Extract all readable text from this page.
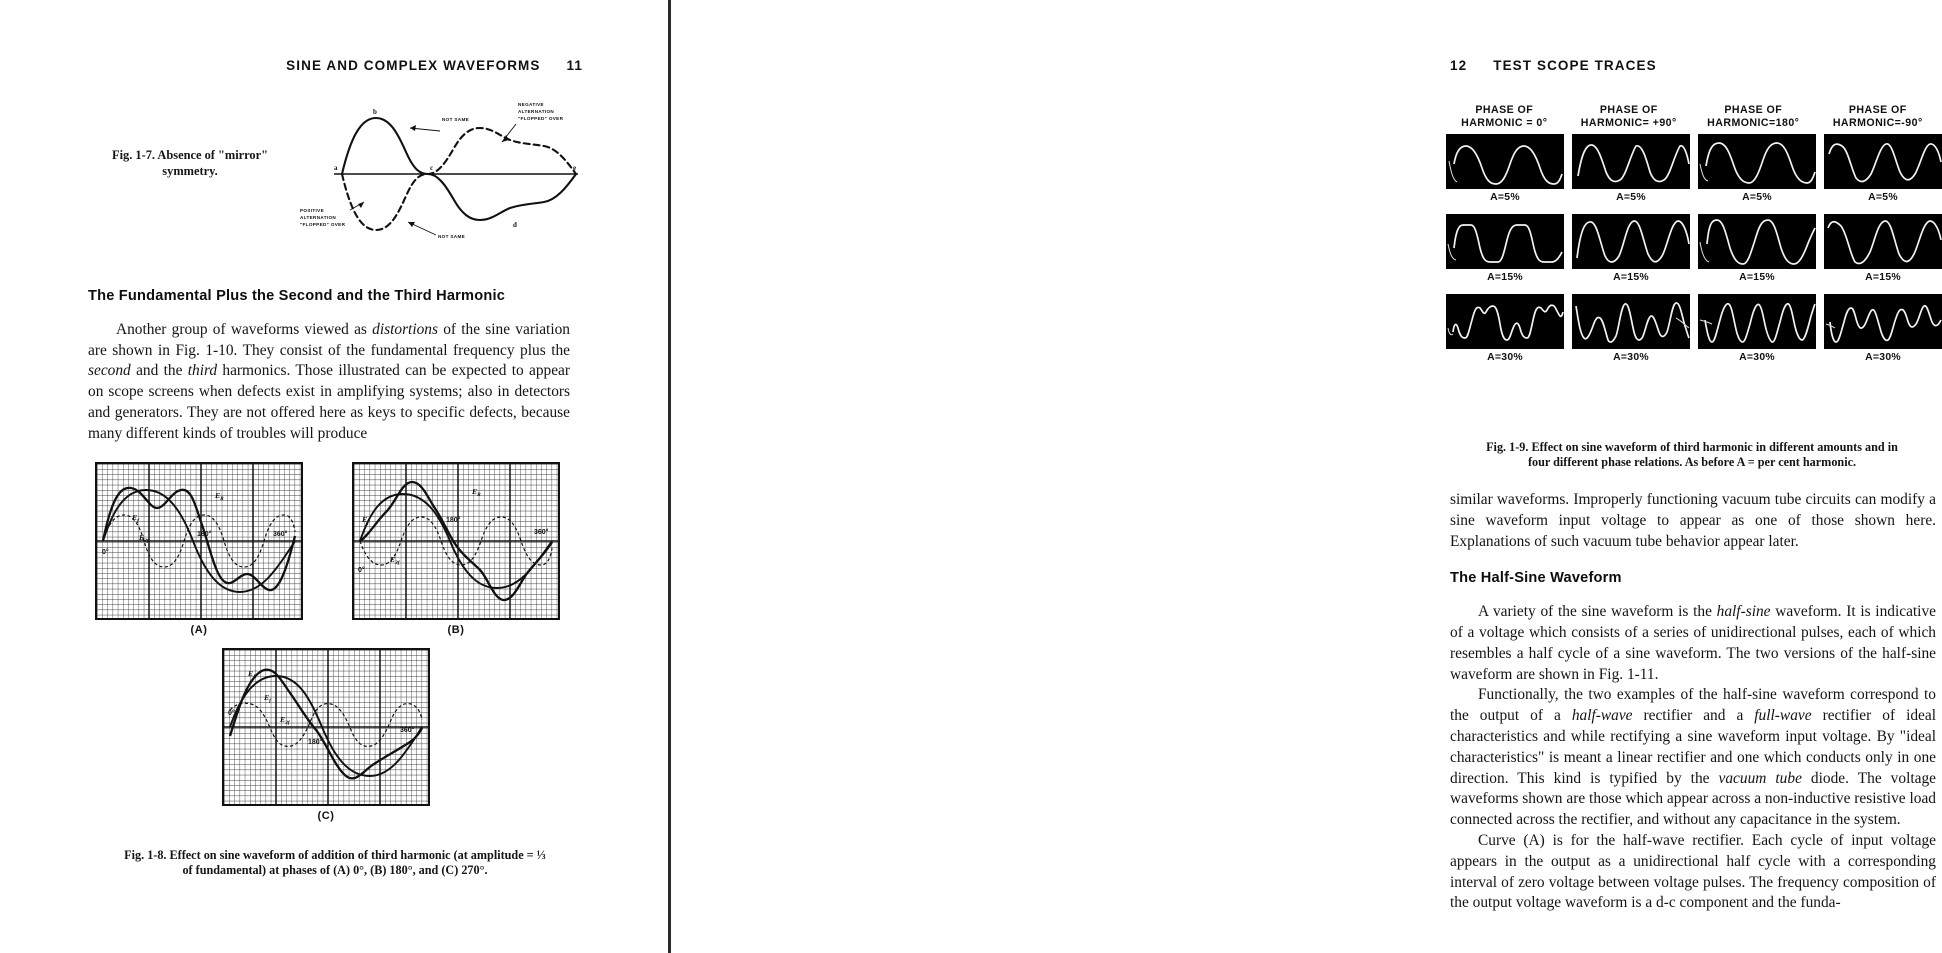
SINE AND COMPLEX WAVEFORMS 11
Fig. 1-7. Absence of "mirror" symmetry.	a
b
c
d
e
NOT SAME
NEGATIVE
ALTERNATION
"FLOPPED" OVER
POSITIVE
ALTERNATION
"FLOPPED" OVER
NOT SAME
The Fundamental Plus the Second and the Third Harmonic

Another group of waveforms viewed as distortions of the sine variation are shown in Fig. 1-10. They consist of the fundamental frequency plus the second and the third harmonics. Those illustrated can be expected to appear on scope screens when defects exist in amplifying systems; also in detectors and generators. They are not offered here as keys to specific defects, because many different kinds of troubles will produce

$E_R$
$E_f$
$E_{3f}$
0°
180°	360°
(A)
$E_R$
$E_f$
$E_{3f}$
0°
180°
360°
(B)
$E_R$
$E_f$
$E_{3f}$
0°
180°
360°
(C)
Fig. 1-8. Effect on sine waveform of addition of third harmonic (at amplitude = ⅓
of fundamental) at phases of (A) 0°, (B) 180°, and (C) 270°.
12 TEST SCOPE TRACES
PHASE OF
HARMONIC = 0°
PHASE OF
HARMONIC= +90°
PHASE OF
HARMONIC=180°
PHASE OF
HARMONIC=-90°
A=5%	A=5%	A=5%	A=5%
A=15%	A=15%	A=15%	A=15%
A=30%	A=30%	A=30%	A=30%
Fig. 1-9. Effect on sine waveform of third harmonic in different amounts and in
four different phase relations. As before A = per cent harmonic.

similar waveforms. Improperly functioning vacuum tube circuits can modify a sine waveform input voltage to appear as one of those shown here. Explanations of such vacuum tube behavior appear later.

The Half-Sine Waveform

A variety of the sine waveform is the half-sine waveform. It is indicative of a voltage which consists of a series of unidirectional pulses, each of which resembles a half cycle of a sine waveform. The two versions of the half-sine waveform are shown in Fig. 1-11.

Functionally, the two examples of the half-sine waveform correspond to the output of a half-wave rectifier and a full-wave rectifier of ideal characteristics and while rectifying a sine waveform input voltage. By "ideal characteristics" is meant a linear rectifier and one which conducts only in one direction. This kind is typified by the vacuum tube diode. The voltage waveforms shown are those which appear across a non-inductive resistive load connected across the rectifier, and without any capacitance in the system.

Curve (A) is for the half-wave rectifier. Each cycle of input voltage appears in the output as a unidirectional half cycle with a corresponding interval of zero voltage between voltage pulses. The frequency composition of the output voltage waveform is a d-c component and the funda-
